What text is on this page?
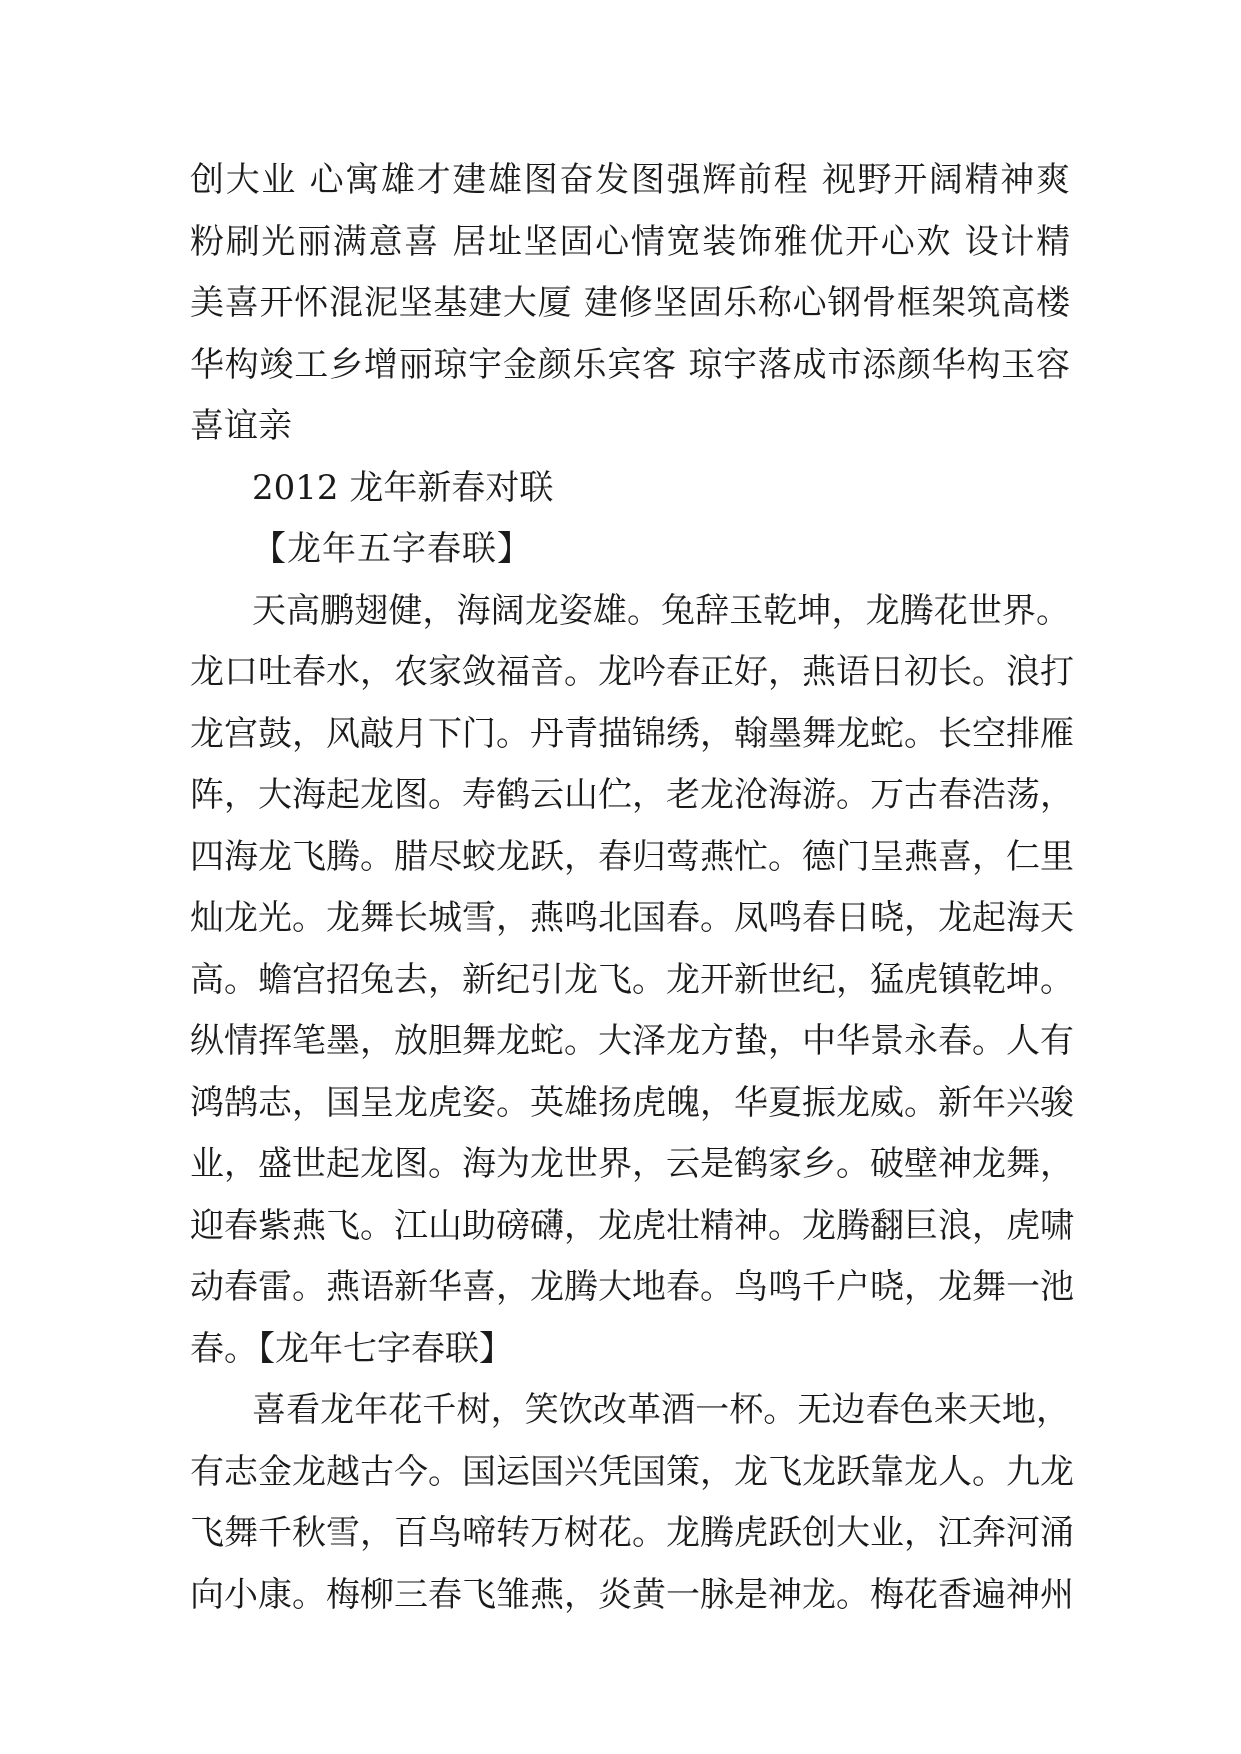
创大业 心寓雄才建雄图奋发图强辉前程 视野开阔精神爽
粉刷光丽满意喜 居址坚固心情宽装饰雅优开心欢 设计精
美喜开怀混泥坚基建大厦 建修坚固乐称心钢骨框架筑高楼
华构竣工乡增丽琼宇金颜乐宾客 琼宇落成市添颜华构玉容
喜谊亲
2012 龙年新春对联
【龙年五字春联】
天高鹏翅健，海阔龙姿雄。兔辞玉乾坤，龙腾花世界。
龙口吐春水，农家敛福音。龙吟春正好，燕语日初长。浪打
龙宫鼓，风敲月下门。丹青描锦绣，翰墨舞龙蛇。长空排雁
阵，大海起龙图。寿鹤云山伫，老龙沧海游。万古春浩荡，
四海龙飞腾。腊尽蛟龙跃，春归莺燕忙。德门呈燕喜，仁里
灿龙光。龙舞长城雪，燕鸣北国春。凤鸣春日晓，龙起海天
高。蟾宫招兔去，新纪引龙飞。龙开新世纪，猛虎镇乾坤。
纵情挥笔墨，放胆舞龙蛇。大泽龙方蛰，中华景永春。人有
鸿鹄志，国呈龙虎姿。英雄扬虎魄，华夏振龙威。新年兴骏
业，盛世起龙图。海为龙世界，云是鹤家乡。破壁神龙舞，
迎春紫燕飞。江山助磅礴，龙虎壮精神。龙腾翻巨浪，虎啸
动春雷。燕语新华喜，龙腾大地春。鸟鸣千户晓，龙舞一池
春。【龙年七字春联】
喜看龙年花千树，笑饮改革酒一杯。无边春色来天地，
有志金龙越古今。国运国兴凭国策，龙飞龙跃靠龙人。九龙
飞舞千秋雪，百鸟啼转万树花。龙腾虎跃创大业，江奔河涌
向小康。梅柳三春飞雏燕，炎黄一脉是神龙。梅花香遍神州
